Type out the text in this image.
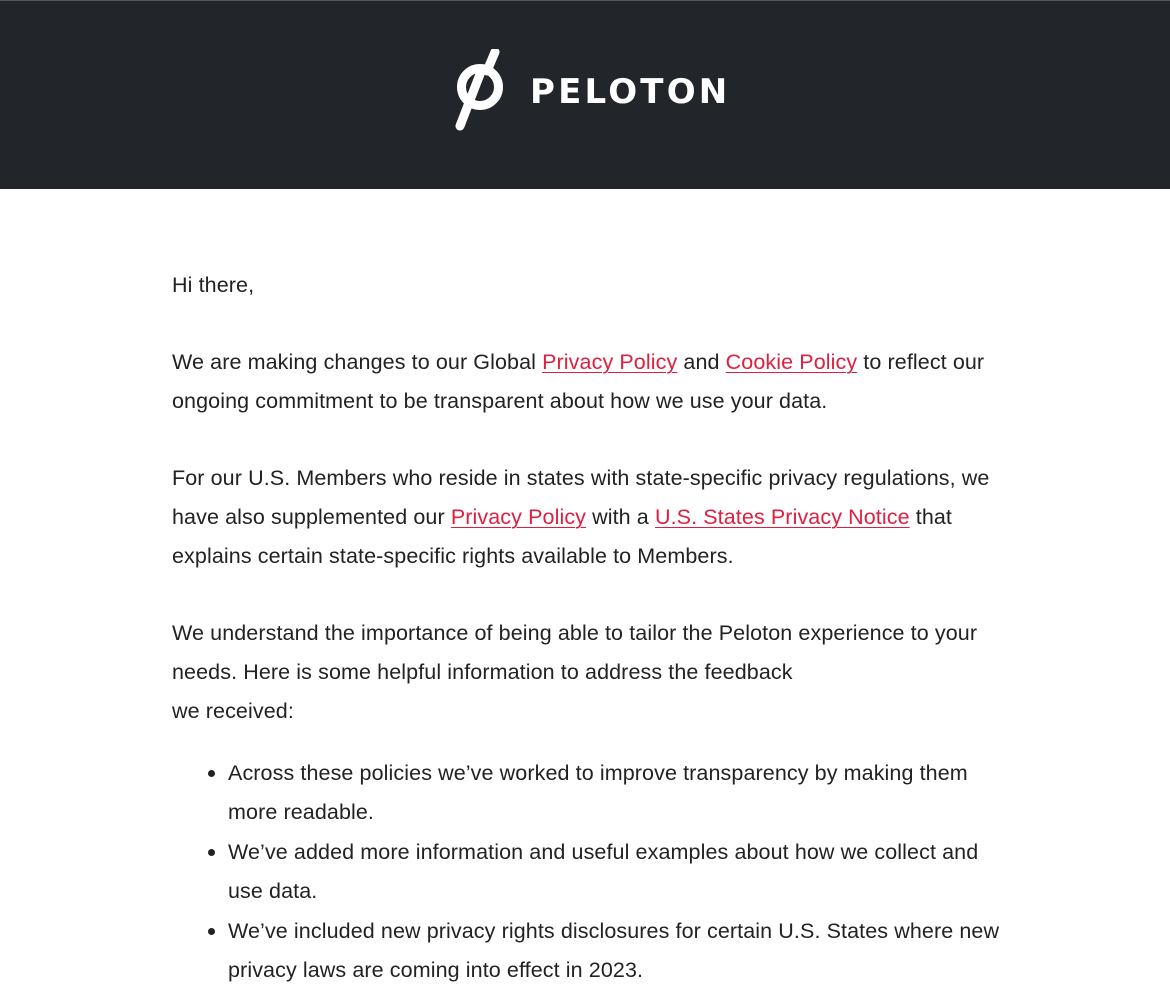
PELOTON

Hi there,

We are making changes to our Global Privacy Policy and Cookie Policy to reflect our ongoing commitment to be transparent about how we use your data.

For our U.S. Members who reside in states with state-specific privacy regulations, we have also supplemented our Privacy Policy with a U.S. States Privacy Notice that explains certain state-specific rights available to Members.

We understand the importance of being able to tailor the Peloton experience to your needs. Here is some helpful information to address the feedback
we received:

• Across these policies we’ve worked to improve transparency by making them more readable.
• We’ve added more information and useful examples about how we collect and use data.
• We’ve included new privacy rights disclosures for certain U.S. States where new privacy laws are coming into effect in 2023.
